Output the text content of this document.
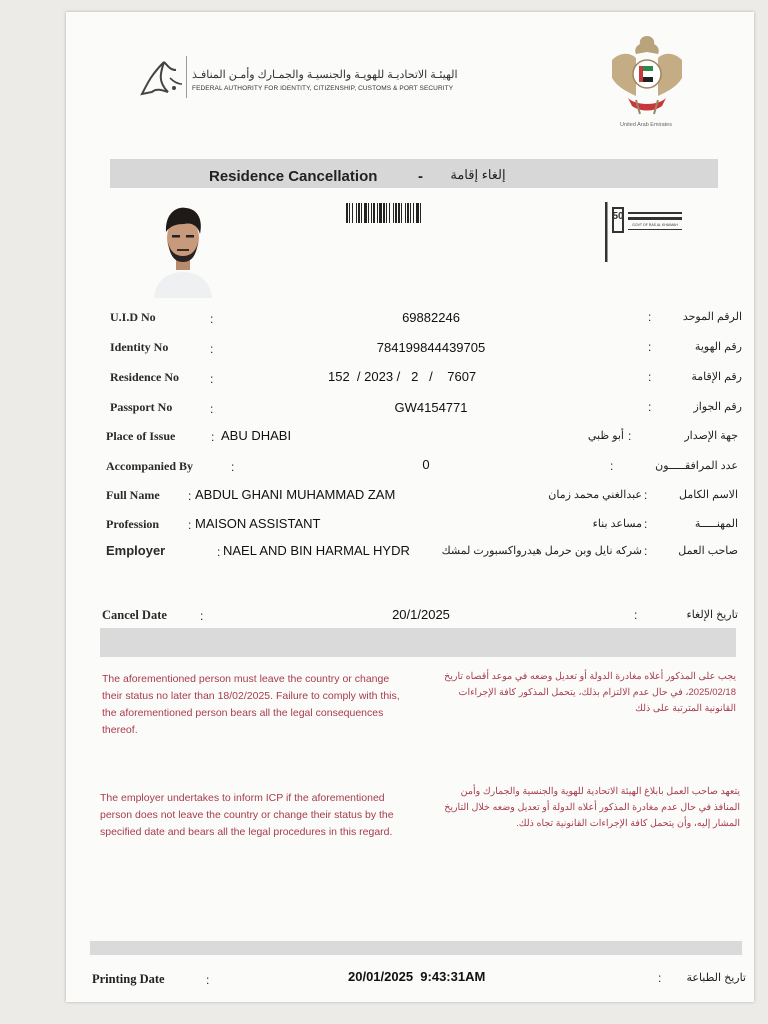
الهيئـة الاتحاديـة للهويـة والجنسيـة والجمـارك وأمـن المنافـذ
FEDERAL AUTHORITY FOR IDENTITY, CITIZENSHIP, CUSTOMS & PORT SECURITY
United Arab Emirates
Residence Cancellation	-	إلغاء إقامة
50
GOVT OF RAS AL KHAIMAH
U.I.D No	:	69882246	:	الرقم الموحد
Identity No	:	784199844439705	:	رقم الهوية
Residence No	:	152  / 2023 /   2   /    7607	:	رقم الإقامة
Passport No	:	GW4154771	:	رقم الجواز
Place of Issue	: ABU DHABI	أبو ظبي :	جهة الإصدار
Accompanied By	:	0	:	عدد المرافقـــــون
Full Name : ABDUL GHANI MUHAMMAD ZAM	عبدالغني محمد زمان :	الاسم الكامل
Profession : MAISON ASSISTANT	مساعد بناء :	المهنـــــة
Employer	: NAEL AND BIN HARMAL HYDR	شركه نايل وبن حرمل هيدرواكسبورت لمشك :	صاحب العمل
Cancel Date	:	20/1/2025	:	تاريخ الإلغاء
The aforementioned person must leave the country or change their status no later than 18/02/2025. Failure to comply with this, the aforementioned person bears all the legal consequences thereof.
يجب على المذكور أعلاه مغادرة الدولة أو تعديل وضعه في موعد أقصاه تاريخ 2025/02/18، في حال عدم الالتزام بذلك، يتحمل المذكور كافة الإجراءات القانونية المترتبة على ذلك
The employer undertakes to inform ICP if the aforementioned person does not leave the country or change their status by the specified date and bears all the legal procedures in this regard.
يتعهد صاحب العمل بابلاغ الهيئة الاتحادية للهوية والجنسية والجمارك وأمن المنافذ في حال عدم مغادرة المذكور أعلاه الدولة أو تعديل وضعه خلال التاريخ المشار إليه، وأن يتحمل كافة الإجراءات القانونية تجاه ذلك.
Printing Date	:	20/01/2025  9:43:31AM	:	تاريخ الطباعة
